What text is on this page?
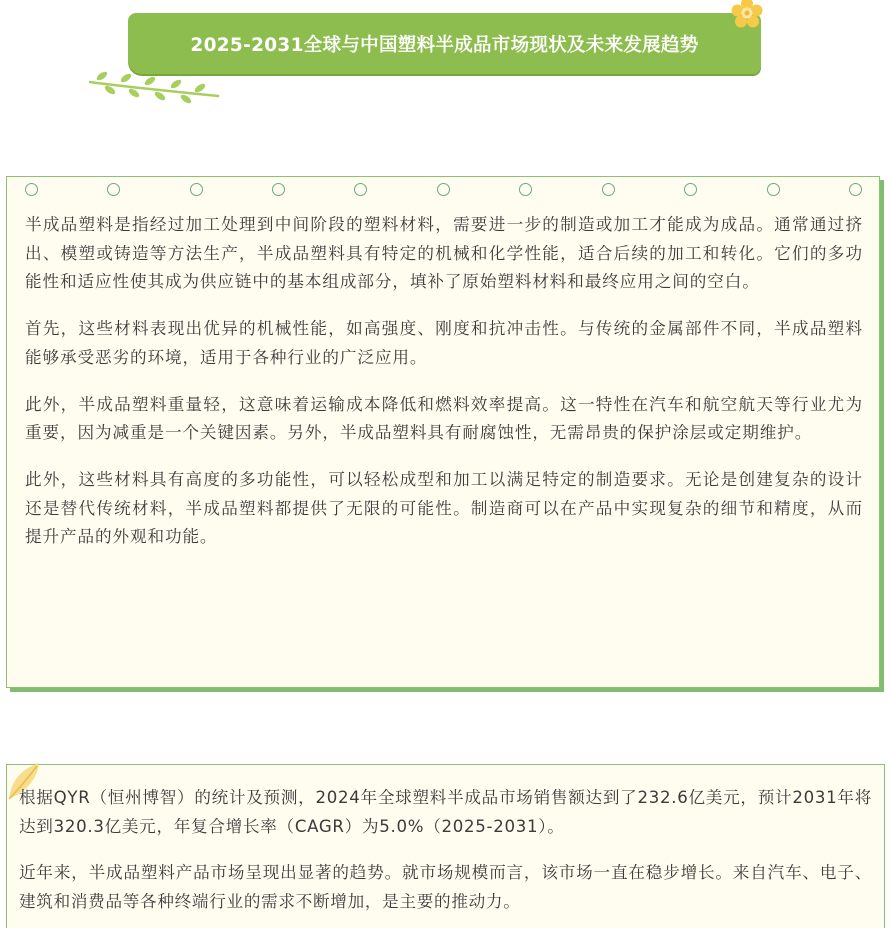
2025-2031全球与中国塑料半成品市场现状及未来发展趋势

半成品塑料是指经过加工处理到中间阶段的塑料材料，需要进一步的制造或加工才能成为成品。通常通过挤出、模塑或铸造等方法生产，半成品塑料具有特定的机械和化学性能，适合后续的加工和转化。它们的多功能性和适应性使其成为供应链中的基本组成部分，填补了原始塑料材料和最终应用之间的空白。

首先，这些材料表现出优异的机械性能，如高强度、刚度和抗冲击性。与传统的金属部件不同，半成品塑料能够承受恶劣的环境，适用于各种行业的广泛应用。

此外，半成品塑料重量轻，这意味着运输成本降低和燃料效率提高。这一特性在汽车和航空航天等行业尤为重要，因为减重是一个关键因素。另外，半成品塑料具有耐腐蚀性，无需昂贵的保护涂层或定期维护。

此外，这些材料具有高度的多功能性，可以轻松成型和加工以满足特定的制造要求。无论是创建复杂的设计还是替代传统材料，半成品塑料都提供了无限的可能性。制造商可以在产品中实现复杂的细节和精度，从而提升产品的外观和功能。

根据QYR（恒州博智）的统计及预测，2024年全球塑料半成品市场销售额达到了232.6亿美元，预计2031年将达到320.3亿美元，年复合增长率（CAGR）为5.0%（2025-2031）。

近年来，半成品塑料产品市场呈现出显著的趋势。就市场规模而言，该市场一直在稳步增长。来自汽车、电子、建筑和消费品等各种终端行业的需求不断增加，是主要的推动力。
